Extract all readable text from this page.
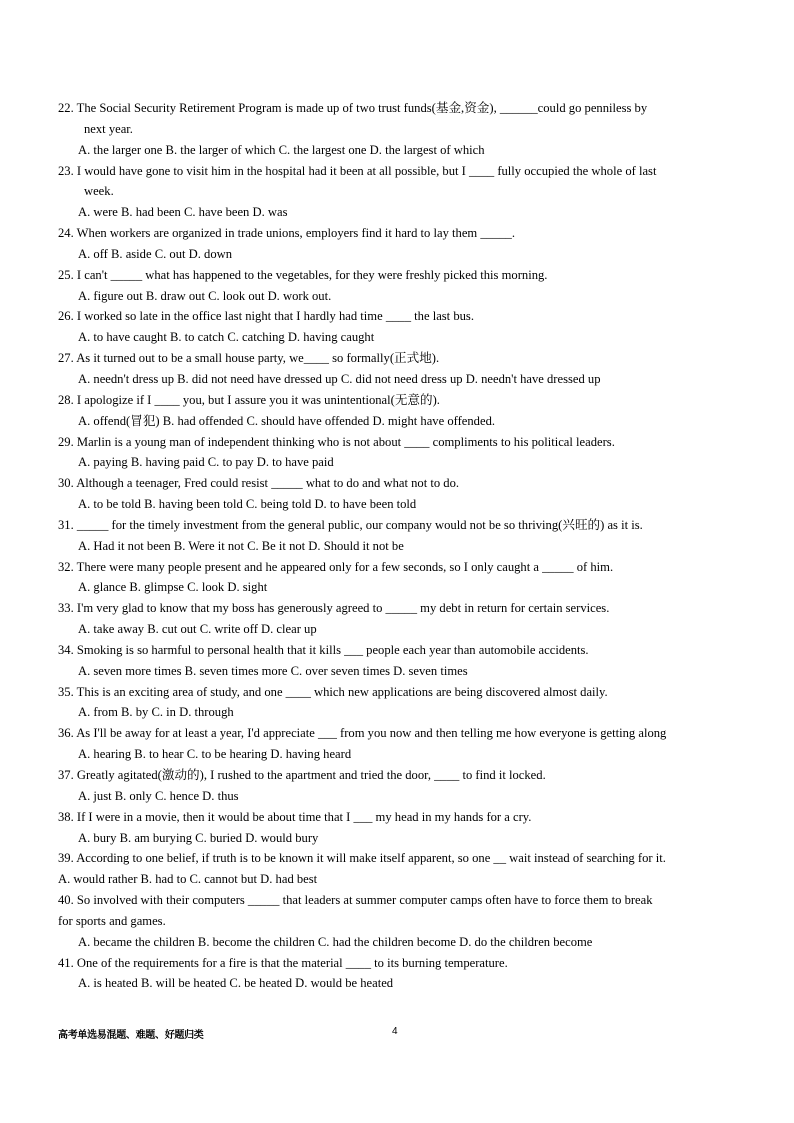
22. The Social Security Retirement Program is made up of two trust funds(基金,资金), ______could go penniless by
next year.
A. the larger one B. the larger of which C. the largest one D. the largest of which
23. I would have gone to visit him in the hospital had it been at all possible, but I ____ fully occupied the whole of last
week.
A. were B. had been C. have been D. was
24. When workers are organized in trade unions, employers find it hard to lay them _____.
A. off B. aside C. out D. down
25. I can't _____ what has happened to the vegetables, for they were freshly picked this morning.
A. figure out B. draw out C. look out D. work out.
26. I worked so late in the office last night that I hardly had time ____ the last bus.
A. to have caught B. to catch C. catching D. having caught
27. As it turned out to be a small house party, we____ so formally(正式地).
A. needn't dress up B. did not need have dressed up C. did not need dress up D. needn't have dressed up
28. I apologize if I ____ you, but I assure you it was unintentional(无意的).
A. offend(冒犯) B. had offended C. should have offended D. might have offended.
29. Marlin is a young man of independent thinking who is not about ____ compliments to his political leaders.
A. paying B. having paid C. to pay D. to have paid
30. Although a teenager, Fred could resist _____ what to do and what not to do.
A. to be told B. having been told C. being told D. to have been told
31. _____ for the timely investment from the general public, our company would not be so thriving(兴旺的) as it is.
A. Had it not been B. Were it not C. Be it not D. Should it not be
32. There were many people present and he appeared only for a few seconds, so I only caught a _____ of him.
A. glance B. glimpse C. look D. sight
33. I'm very glad to know that my boss has generously agreed to _____ my debt in return for certain services.
A. take away B. cut out C. write off D. clear up
34. Smoking is so harmful to personal health that it kills ___ people each year than automobile accidents.
A. seven more times B. seven times more C. over seven times D. seven times
35. This is an exciting area of study, and one ____ which new applications are being discovered almost daily.
A. from B. by C. in D. through
36. As I'll be away for at least a year, I'd appreciate ___ from you now and then telling me how everyone is getting along
A. hearing B. to hear C. to be hearing D. having heard
37. Greatly agitated(激动的), I rushed to the apartment and tried the door, ____ to find it locked.
A. just B. only C. hence D. thus
38. If I were in a movie, then it would be about time that I ___ my head in my hands for a cry.
A. bury B. am burying C. buried D. would bury
39. According to one belief, if truth is to be known it will make itself apparent, so one __ wait instead of searching for it.
A. would rather B. had to C. cannot but D. had best
40. So involved with their computers _____ that leaders at summer computer camps often have to force them to break
for sports and games.
A. became the children B. become the children C. had the children become D. do the children become
41. One of the requirements for a fire is that the material ____ to its burning temperature.
A. is heated B. will be heated C. be heated D. would be heated
高考单选易混题、难题、好题归类	4
